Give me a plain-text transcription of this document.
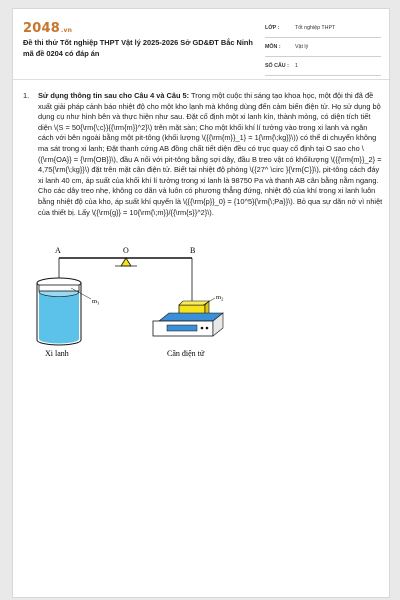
2048.vn
Đề thi thử Tốt nghiệp THPT Vật lý 2025-2026 Sở GD&ĐT Bắc Ninh mã đề 0204 có đáp án
LỚP :	Tốt nghiệp THPT
MÔN :	Vật lý
SỐ CÂU : 1
1. Sử dụng thông tin sau cho Câu 4 và Câu 5: Trong một cuộc thi sáng tạo khoa học, một đội thi đã đề xuất giải pháp cảnh báo nhiệt độ cho một kho lạnh mà không dùng đến cảm biến điện tử. Họ sử dụng bộ dụng cụ như hình bên và thực hiện như sau. Đặt cố định một xi lanh kín, thành mỏng, có diện tích tiết diện \(S = 50{\rm{\;c}}{{\rm{m}}^2}\) trên mặt sàn; Cho một khối khí lí tưởng vào trong xi lanh và ngăn cách với bên ngoài bằng một pit-tông (khối lượng \({{\rm{m}}_1} = 1{\rm{\;kg}}\)) có thể di chuyển không ma sát trong xi lanh; Đặt thanh cứng AB đồng chất tiết diện đều có trục quay cố định tại O sao cho \({\rm{OA}} = {\rm{OB}}\), đầu A nối với pit-tông bằng sợi dây, đầu B treo vật có khốilượng \({{\rm{m}}_2} = 4,75{\rm{\;kg}}\) đặt trên mặt cân điện tử. Biết tại nhiệt độ phòng \({27^ \circ }{\rm{C}}\), pit-tông cách đáy xi lanh 40 cm, áp suất của khối khí lí tưởng trong xi lanh là 98750 Pa và thanh AB cân bằng nằm ngang. Cho các dây treo nhẹ, không co dãn và luôn có phương thẳng đứng, nhiệt độ của khí trong xi lanh luôn bằng nhiệt độ của kho, áp suất khí quyển là \({{\rm{p}}_0} = {10^5}{\rm{\;Pa}}\). Bỏ qua sự dãn nở vì nhiệt của thiết bị. Lấy \({\rm{g}} = 10{\rm{\;m}}/{{\rm{s}}^2}\).
A	O	B
$m_1$
$m_2$
Xi lanh	Cân điện tử
